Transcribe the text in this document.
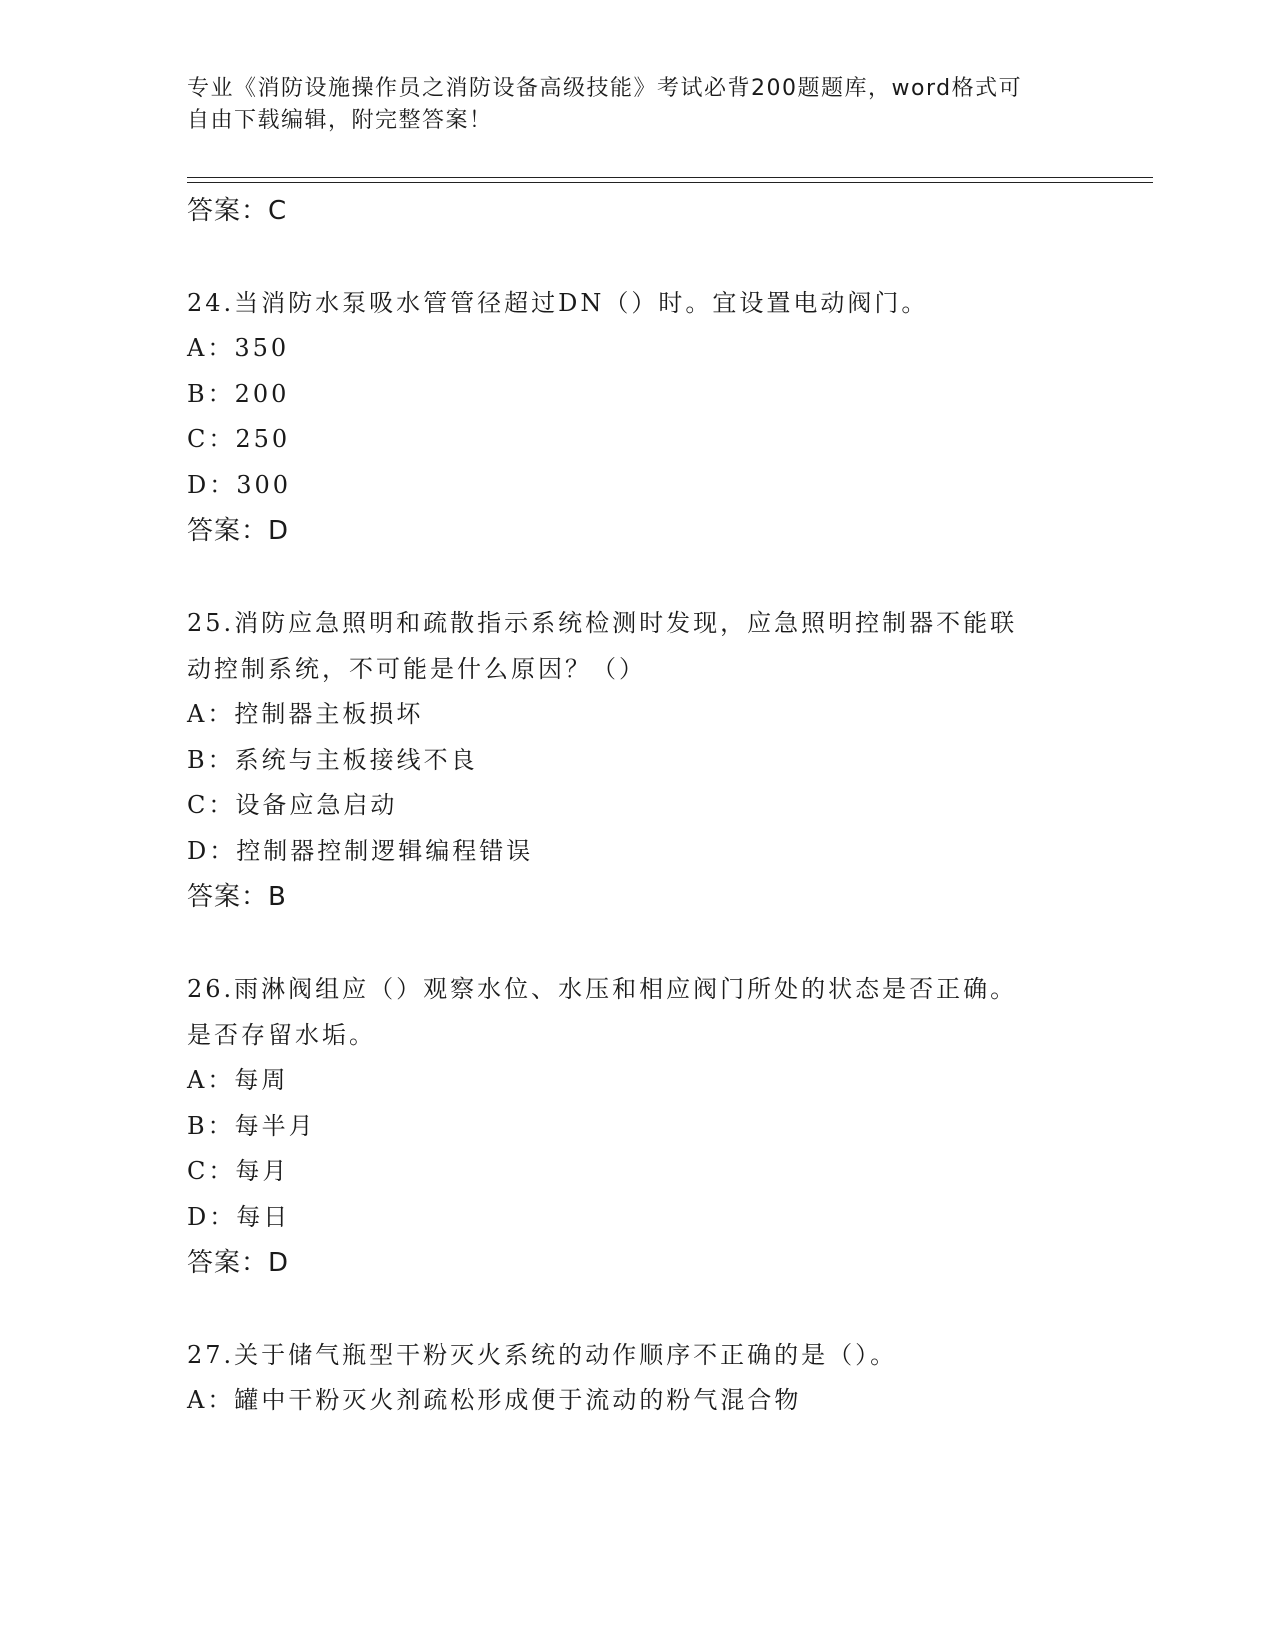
专业《消防设施操作员之消防设备高级技能》考试必背200题题库，word格式可
自由下载编辑，附完整答案！
答案：C
24.当消防水泵吸水管管径超过DN（）时。宜设置电动阀门。
A：350
B：200
C：250
D：300
答案：D
25.消防应急照明和疏散指示系统检测时发现，应急照明控制器不能联
动控制系统，不可能是什么原因？（）
A：控制器主板损坏
B：系统与主板接线不良
C：设备应急启动
D：控制器控制逻辑编程错误
答案：B
26.雨淋阀组应（）观察水位、水压和相应阀门所处的状态是否正确。
是否存留水垢。
A：每周
B：每半月
C：每月
D：每日
答案：D
27.关于储气瓶型干粉灭火系统的动作顺序不正确的是（）。
A：罐中干粉灭火剂疏松形成便于流动的粉气混合物
